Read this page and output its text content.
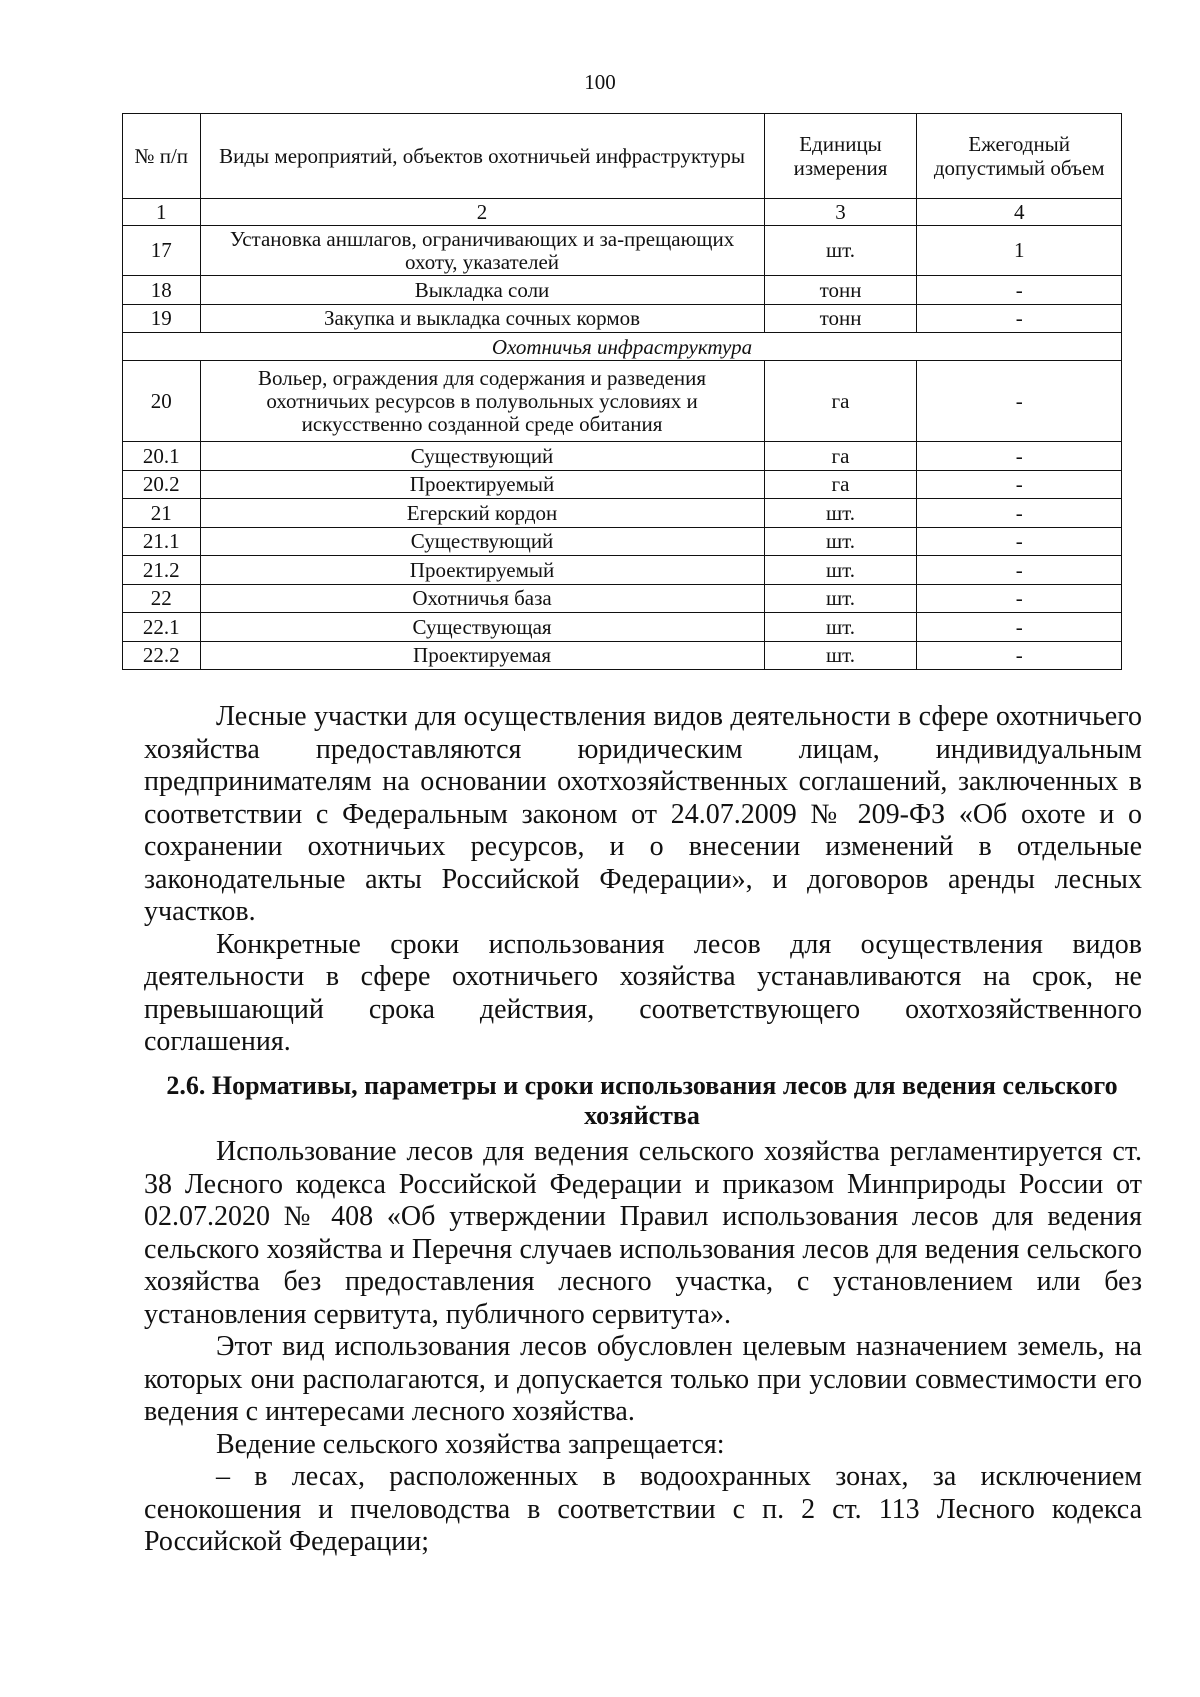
100
№ п/п	Виды мероприятий, объектов охотничьей инфраструктуры	Единицы измерения	Ежегодный допустимый объем
1	2	3	4
17	Установка аншлагов, ограничивающих и за-прещающих охоту, указателей	шт.	1
18	Выкладка соли	тонн	-
19	Закупка и выкладка сочных кормов	тонн	-
Охотничья инфраструктура			
20	Вольер, ограждения для содержания и разведения охотничьих ресурсов в полувольных условиях и искусственно созданной среде обитания	га	-
20.1	Существующий	га	-
20.2	Проектируемый	га	-
21	Егерский кордон	шт.	-
21.1	Существующий	шт.	-
21.2	Проектируемый	шт.	-
22	Охотничья база	шт.	-
22.1	Существующая	шт.	-
22.2	Проектируемая	шт.	-

Лесные участки для осуществления видов деятельности в сфере охотничьего хозяйства предоставляются юридическим лицам, индивидуальным предпринимателям на основании охотхозяйственных соглашений, заключенных в соответствии с Федеральным законом от 24.07.2009 № 209-ФЗ «Об охоте и о сохранении охотничьих ресурсов, и о внесении изменений в отдельные законодательные акты Российской Федерации», и договоров аренды лесных участков.

Конкретные сроки использования лесов для осуществления видов деятельности в сфере охотничьего хозяйства устанавливаются на срок, не превышающий срока действия, соответствующего охотхозяйственного соглашения.

2.6. Нормативы, параметры и сроки использования лесов для ведения сельского хозяйства

Использование лесов для ведения сельского хозяйства регламентируется ст. 38 Лесного кодекса Российской Федерации и приказом Минприроды России от 02.07.2020 № 408 «Об утверждении Правил использования лесов для ведения сельского хозяйства и Перечня случаев использования лесов для ведения сельского хозяйства без предоставления лесного участка, с установлением или без установления сервитута, публичного сервитута».

Этот вид использования лесов обусловлен целевым назначением земель, на которых они располагаются, и допускается только при условии совместимости его ведения с интересами лесного хозяйства.

Ведение сельского хозяйства запрещается:

– в лесах, расположенных в водоохранных зонах, за исключением сенокошения и пчеловодства в соответствии с п. 2 ст. 113 Лесного кодекса Российской Федерации;
